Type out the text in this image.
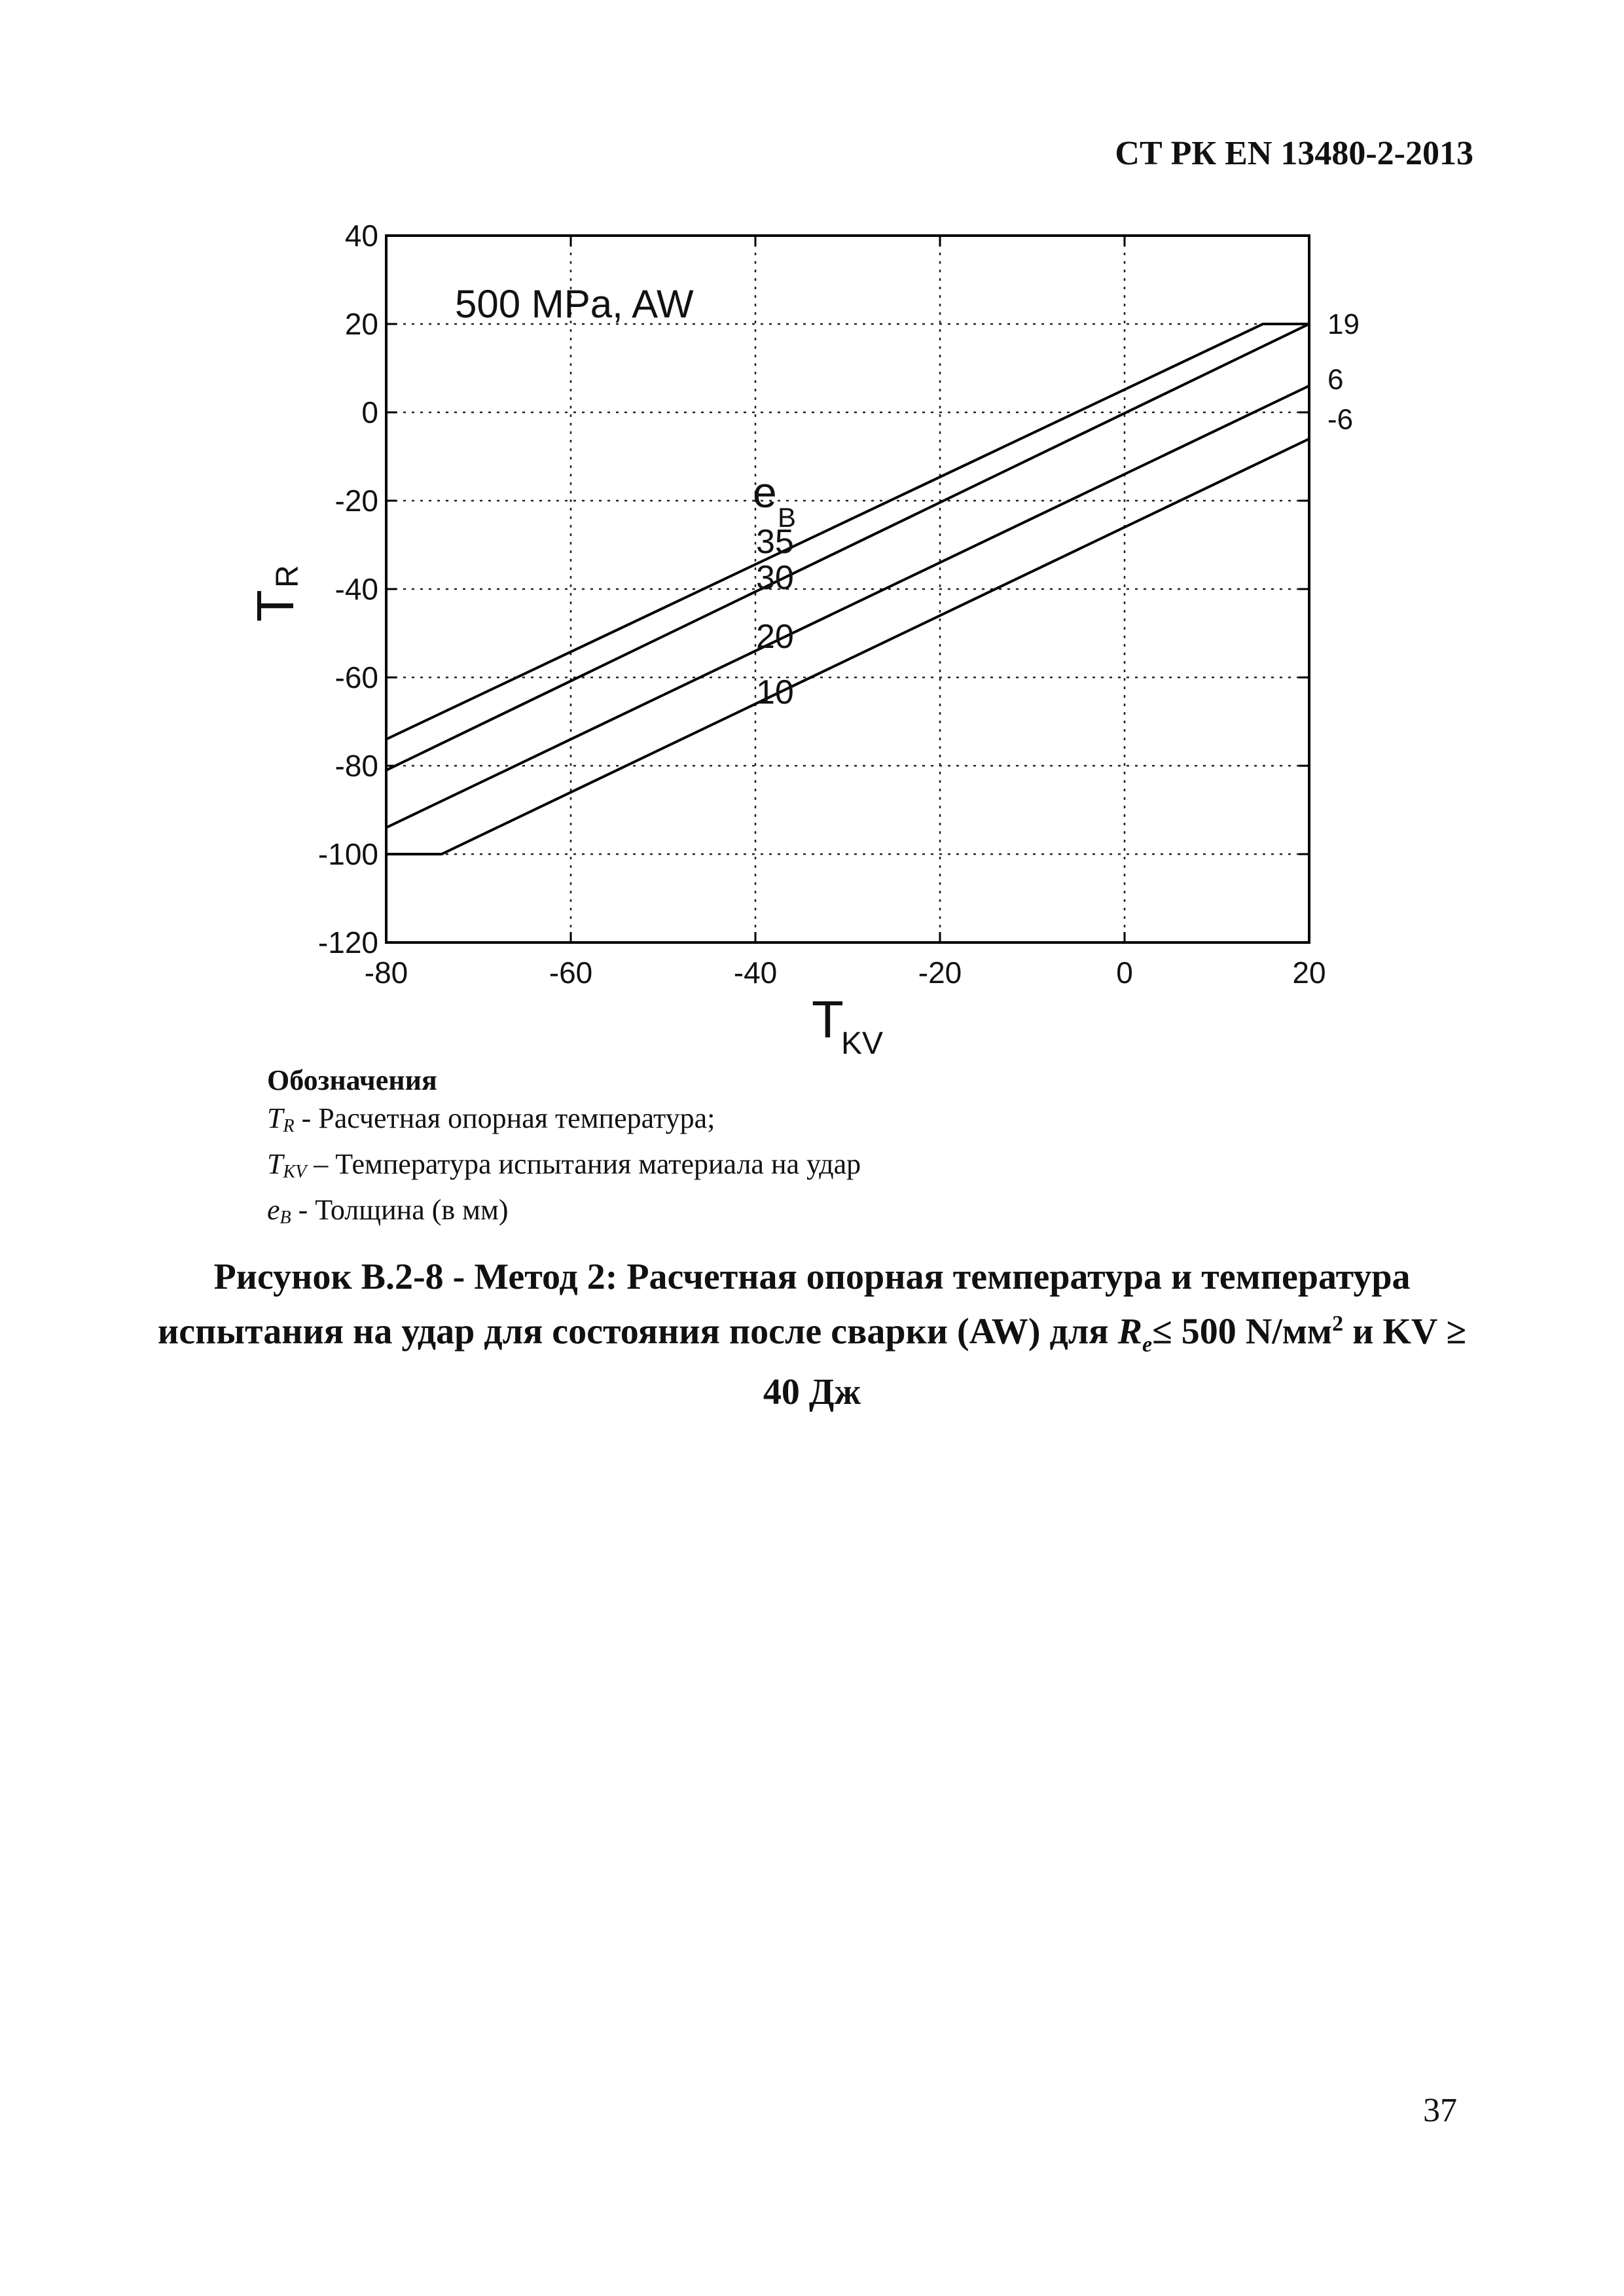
СТ РК EN 13480-2-2013
-80	-60	-40	-20	0	20
40
20
0
-20
-40
-60
-80
-100
-120
35
30
20
10
500 MPa, AW
e
B
19
6
-6
T
KV
T
R
Обозначения
$T_R$ - Расчетная опорная температура;
$T_{KV}$ – Температура испытания материала на удар
$e_B$ - Толщина (в мм)
Рисунок В.2-8 - Метод 2: Расчетная опорная температура и температура испытания на удар для состояния после сварки (AW) для $R_e\le 500$ $N/мм^2$ и KV ≥ 40 Дж
37
